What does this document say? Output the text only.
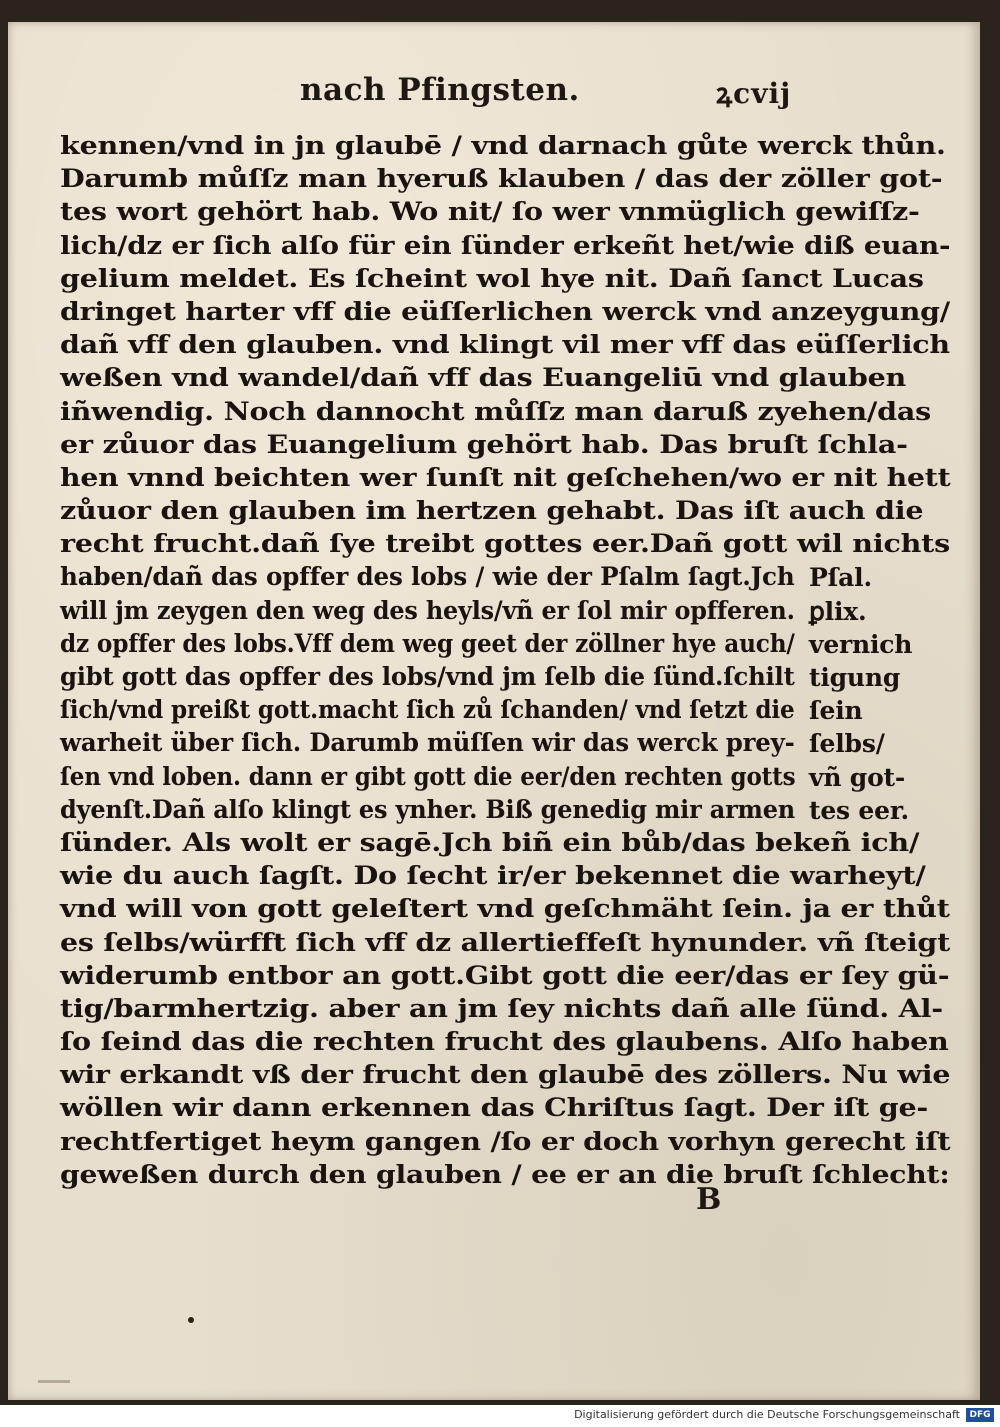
nach Pfingsten.	ꝝcvij
kennen/vnd in jn glaubē / vnd darnach gůte werck thůn.
Darumb můſſz man hyeruß klauben / das der zöller got‑
tes wort gehört hab. Wo nit/ ſo wer vnmüglich gewiſſz‑
lich/dz er ſich alſo für ein ſünder erkeñt het/wie diß euan‑
gelium meldet. Es ſcheint wol hye nit. Dañ ſanct Lucas
dringet harter vff die eüſſerlichen werck vnd anzeygung/
dañ vff den glauben. vnd klingt vil mer vff das eüſſerlich
weßen vnd wandel/dañ vff das Euangeliū vnd glauben
iñwendig. Noch dannocht můſſz man daruß zyehen/das
er zůuor das Euangelium gehört hab. Das bruſt ſchla‑
hen vnnd beichten wer ſunſt nit geſchehen/wo er nit hett
zůuor den glauben im hertzen gehabt. Das iſt auch die
recht frucht.dañ ſye treibt gottes eer.Dañ gott wil nichts
haben/dañ das opffer des lobs / wie der Pſalm ſagt.Jch Pſal.
will jm zeygen den weg des heyls/vñ er ſol mir opfferen. ꝑlix.
dz opffer des lobs.Vff dem weg geet der zöllner hye auch/ vernich
gibt gott das opffer des lobs/vnd jm ſelb die ſünd.ſchilt tigung
ſich/vnd preißt gott.macht ſich zů ſchanden/ vnd ſetzt die ſein
warheit über ſich. Darumb müſſen wir das werck prey‑ ſelbs/
ſen vnd loben. dann er gibt gott die eer/den rechten gotts vñ got‑
dyenſt.Dañ alſo klingt es ynher. Biß genedig mir armen tes eer.
ſünder. Als wolt er sagē.Jch biñ ein bůb/das bekeñ ich/
wie du auch ſagſt. Do ſecht ir/er bekennet die warheyt/
vnd will von gott geleſtert vnd geſchmäht ſein. ja er thůt
es ſelbs/würfft ſich vff dz allertieffeſt hynunder. vñ ſteigt
widerumb entbor an gott.Gibt gott die eer/das er ſey gü‑
tig/barmhertzig. aber an jm ſey nichts dañ alle ſünd. Al‑
ſo ſeind das die rechten frucht des glaubens. Alſo haben
wir erkandt vß der frucht den glaubē des zöllers. Nu wie
wöllen wir dann erkennen das Chriſtus ſagt. Der iſt ge‑
rechtfertiget heym gangen /ſo er doch vorhyn gerecht iſt
geweßen durch den glauben / ee er an die bruſt ſchlecht:
B
Digitalisierung gefördert durch die Deutsche Forschungsgemeinschaft	DFG
